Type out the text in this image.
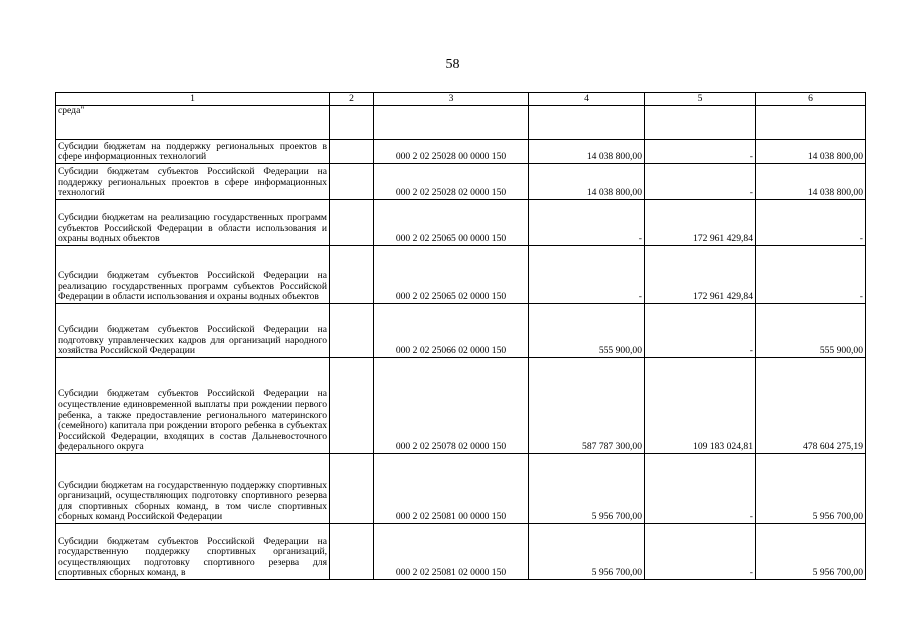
58
1	2	3	4	5	6
среда"					
Субсидии бюджетам на поддержку региональных проектов в сфере информационных технологий		000 2 02 25028 00 0000 150	14 038 800,00	-	14 038 800,00
Субсидии бюджетам субъектов Российской Федерации на поддержку региональных проектов в сфере информационных технологий		000 2 02 25028 02 0000 150	14 038 800,00	-	14 038 800,00
Субсидии бюджетам на реализацию государственных программ субъектов Российской Федерации в области использования и охраны водных объектов		000 2 02 25065 00 0000 150	-	172 961 429,84	-
Субсидии бюджетам субъектов Российской Федерации на реализацию государственных программ субъектов Российской Федерации в области использования и охраны водных объектов		000 2 02 25065 02 0000 150	-	172 961 429,84	-
Субсидии бюджетам субъектов Российской Федерации на подготовку управленческих кадров для организаций народного хозяйства Российской Федерации		000 2 02 25066 02 0000 150	555 900,00	-	555 900,00
Субсидии бюджетам субъектов Российской Федерации на осуществление единовременной выплаты при рождении первого ребенка, а также предоставление регионального материнского (семейного) капитала при рождении второго ребенка в субъектах Российской Федерации, входящих в состав Дальневосточного федерального округа		000 2 02 25078 02 0000 150	587 787 300,00	109 183 024,81	478 604 275,19
Субсидии бюджетам на государственную поддержку спортивных организаций, осуществляющих подготовку спортивного резерва для спортивных сборных команд, в том числе спортивных сборных команд Российской Федерации		000 2 02 25081 00 0000 150	5 956 700,00	-	5 956 700,00
Субсидии бюджетам субъектов Российской Федерации на государственную поддержку спортивных организаций, осуществляющих подготовку спортивного резерва для спортивных сборных команд, в		000 2 02 25081 02 0000 150	5 956 700,00	-	5 956 700,00
